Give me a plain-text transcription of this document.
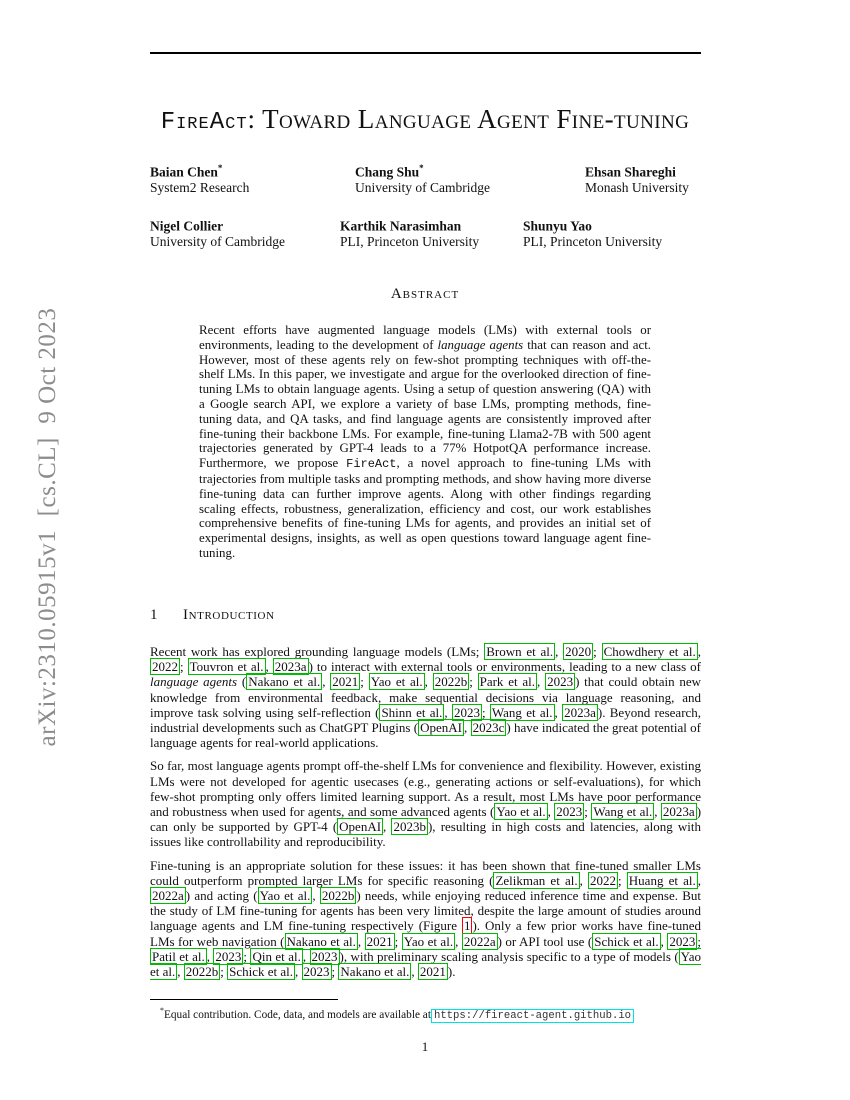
arXiv:2310.05915v1  [cs.CL]  9 Oct 2023
FireAct: Toward Language Agent Fine-tuning
Baian Chen*
System2 Research
Chang Shu*
University of Cambridge
Ehsan Shareghi
Monash University
Nigel Collier
University of Cambridge
Karthik Narasimhan
PLI, Princeton University
Shunyu Yao
PLI, Princeton University
Abstract
Recent efforts have augmented language models (LMs) with external tools or environments, leading to the development of language agents that can reason and act. However, most of these agents rely on few-shot prompting techniques with off-the-shelf LMs. In this paper, we investigate and argue for the overlooked direction of fine-tuning LMs to obtain language agents. Using a setup of question answering (QA) with a Google search API, we explore a variety of base LMs, prompting methods, fine-tuning data, and QA tasks, and find language agents are consistently improved after fine-tuning their backbone LMs. For example, fine-tuning Llama2-7B with 500 agent trajectories generated by GPT-4 leads to a 77% HotpotQA performance increase. Furthermore, we propose FireAct, a novel approach to fine-tuning LMs with trajectories from multiple tasks and prompting methods, and show having more diverse fine-tuning data can further improve agents. Along with other findings regarding scaling effects, robustness, generalization, efficiency and cost, our work establishes comprehensive benefits of fine-tuning LMs for agents, and provides an initial set of experimental designs, insights, as well as open questions toward language agent fine-tuning.
1 Introduction

Recent work has explored grounding language models (LMs; Brown et al. , 2020 ; Chowdhery et al. , 2022 ; Touvron et al. , 2023a ) to interact with external tools or environments, leading to a new class of language agents ( Nakano et al. , 2021 ; Yao et al. , 2022b ; Park et al. , 2023 ) that could obtain new knowledge from environmental feedback, make sequential decisions via language reasoning, and improve task solving using self-reflection ( Shinn et al. , 2023 ; Wang et al. , 2023a ). Beyond research, industrial developments such as ChatGPT Plugins ( OpenAI , 2023c ) have indicated the great potential of language agents for real-world applications.

So far, most language agents prompt off-the-shelf LMs for convenience and flexibility. However, existing LMs were not developed for agentic usecases (e.g., generating actions or self-evaluations), for which few-shot prompting only offers limited learning support. As a result, most LMs have poor performance and robustness when used for agents, and some advanced agents ( Yao et al. , 2023 ; Wang et al. , 2023a ) can only be supported by GPT-4 ( OpenAI , 2023b ), resulting in high costs and latencies, along with issues like controllability and reproducibility.

Fine-tuning is an appropriate solution for these issues: it has been shown that fine-tuned smaller LMs could outperform prompted larger LMs for specific reasoning ( Zelikman et al. , 2022 ; Huang et al. , 2022a ) and acting ( Yao et al. , 2022b ) needs, while enjoying reduced inference time and expense. But the study of LM fine-tuning for agents has been very limited, despite the large amount of studies around language agents and LM fine-tuning respectively (Figure 1 ). Only a few prior works have fine-tuned LMs for web navigation ( Nakano et al. , 2021 ; Yao et al. , 2022a ) or API tool use ( Schick et al. , 2023 ; Patil et al. , 2023 ; Qin et al. , 2023 ), with preliminary scaling analysis specific to a type of models ( Yao et al. , 2022b ; Schick et al. , 2023 ; Nakano et al. , 2021 ).

*Equal contribution. Code, data, and models are available at https://fireact-agent.github.io
1
